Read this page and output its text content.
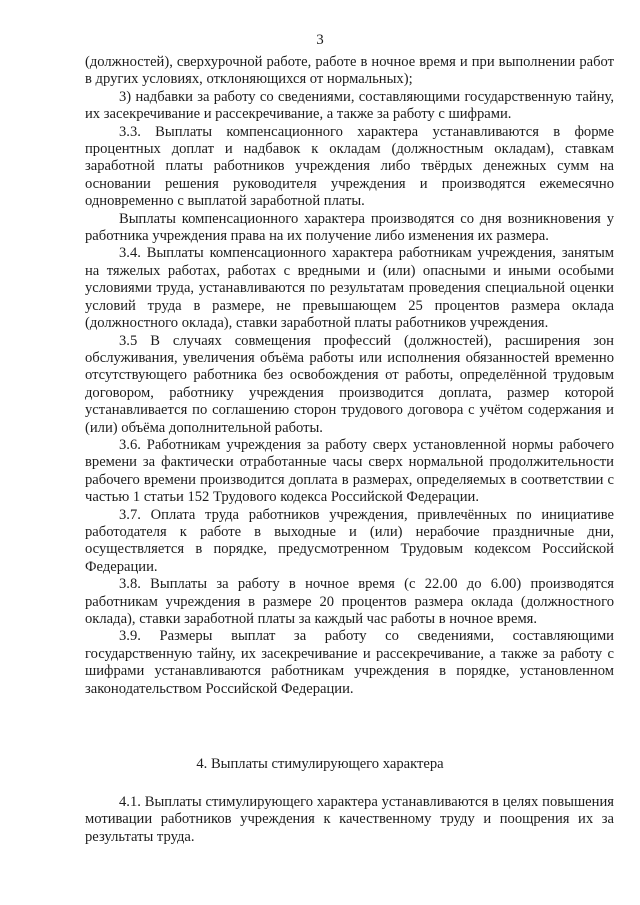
3

(должностей), сверхурочной работе, работе в ночное время и при выполнении работ в других условиях, отклоняющихся от нормальных);

3) надбавки за работу со сведениями, составляющими государственную тайну, их засекречивание и рассекречивание, а также за работу с шифрами.

3.3. Выплаты компенсационного характера устанавливаются в форме процентных доплат и надбавок к окладам (должностным окладам), ставкам заработной платы работников учреждения либо твёрдых денежных сумм на основании решения руководителя учреждения и производятся ежемесячно одновременно с выплатой заработной платы.

Выплаты компенсационного характера производятся со дня возникновения у работника учреждения права на их получение либо изменения их размера.

3.4. Выплаты компенсационного характера работникам учреждения, занятым на тяжелых работах, работах с вредными и (или) опасными и иными особыми условиями труда, устанавливаются по результатам проведения специальной оценки условий труда в размере, не превышающем 25 процентов размера оклада (должностного оклада), ставки заработной платы работников учреждения.

3.5 В случаях совмещения профессий (должностей), расширения зон обслуживания, увеличения объёма работы или исполнения обязанностей временно отсутствующего работника без освобождения от работы, определённой трудовым договором, работнику учреждения производится доплата, размер которой устанавливается по соглашению сторон трудового договора с учётом содержания и (или) объёма дополнительной работы.

3.6. Работникам учреждения за работу сверх установленной нормы рабочего времени за фактически отработанные часы сверх нормальной продолжительности рабочего времени производится доплата в размерах, определяемых в соответствии с частью 1 статьи 152 Трудового кодекса Российской Федерации.

3.7. Оплата труда работников учреждения, привлечённых по инициативе работодателя к работе в выходные и (или) нерабочие праздничные дни, осуществляется в порядке, предусмотренном Трудовым кодексом Российской Федерации.

3.8. Выплаты за работу в ночное время (с 22.00 до 6.00) производятся работникам учреждения в размере 20 процентов размера оклада (должностного оклада), ставки заработной платы за каждый час работы в ночное время.

3.9. Размеры выплат за работу со сведениями, составляющими государственную тайну, их засекречивание и рассекречивание, а также за работу с шифрами устанавливаются работникам учреждения в порядке, установленном законодательством Российской Федерации.

4. Выплаты стимулирующего характера

4.1. Выплаты стимулирующего характера устанавливаются в целях повышения мотивации работников учреждения к качественному труду и поощрения их за результаты труда.
